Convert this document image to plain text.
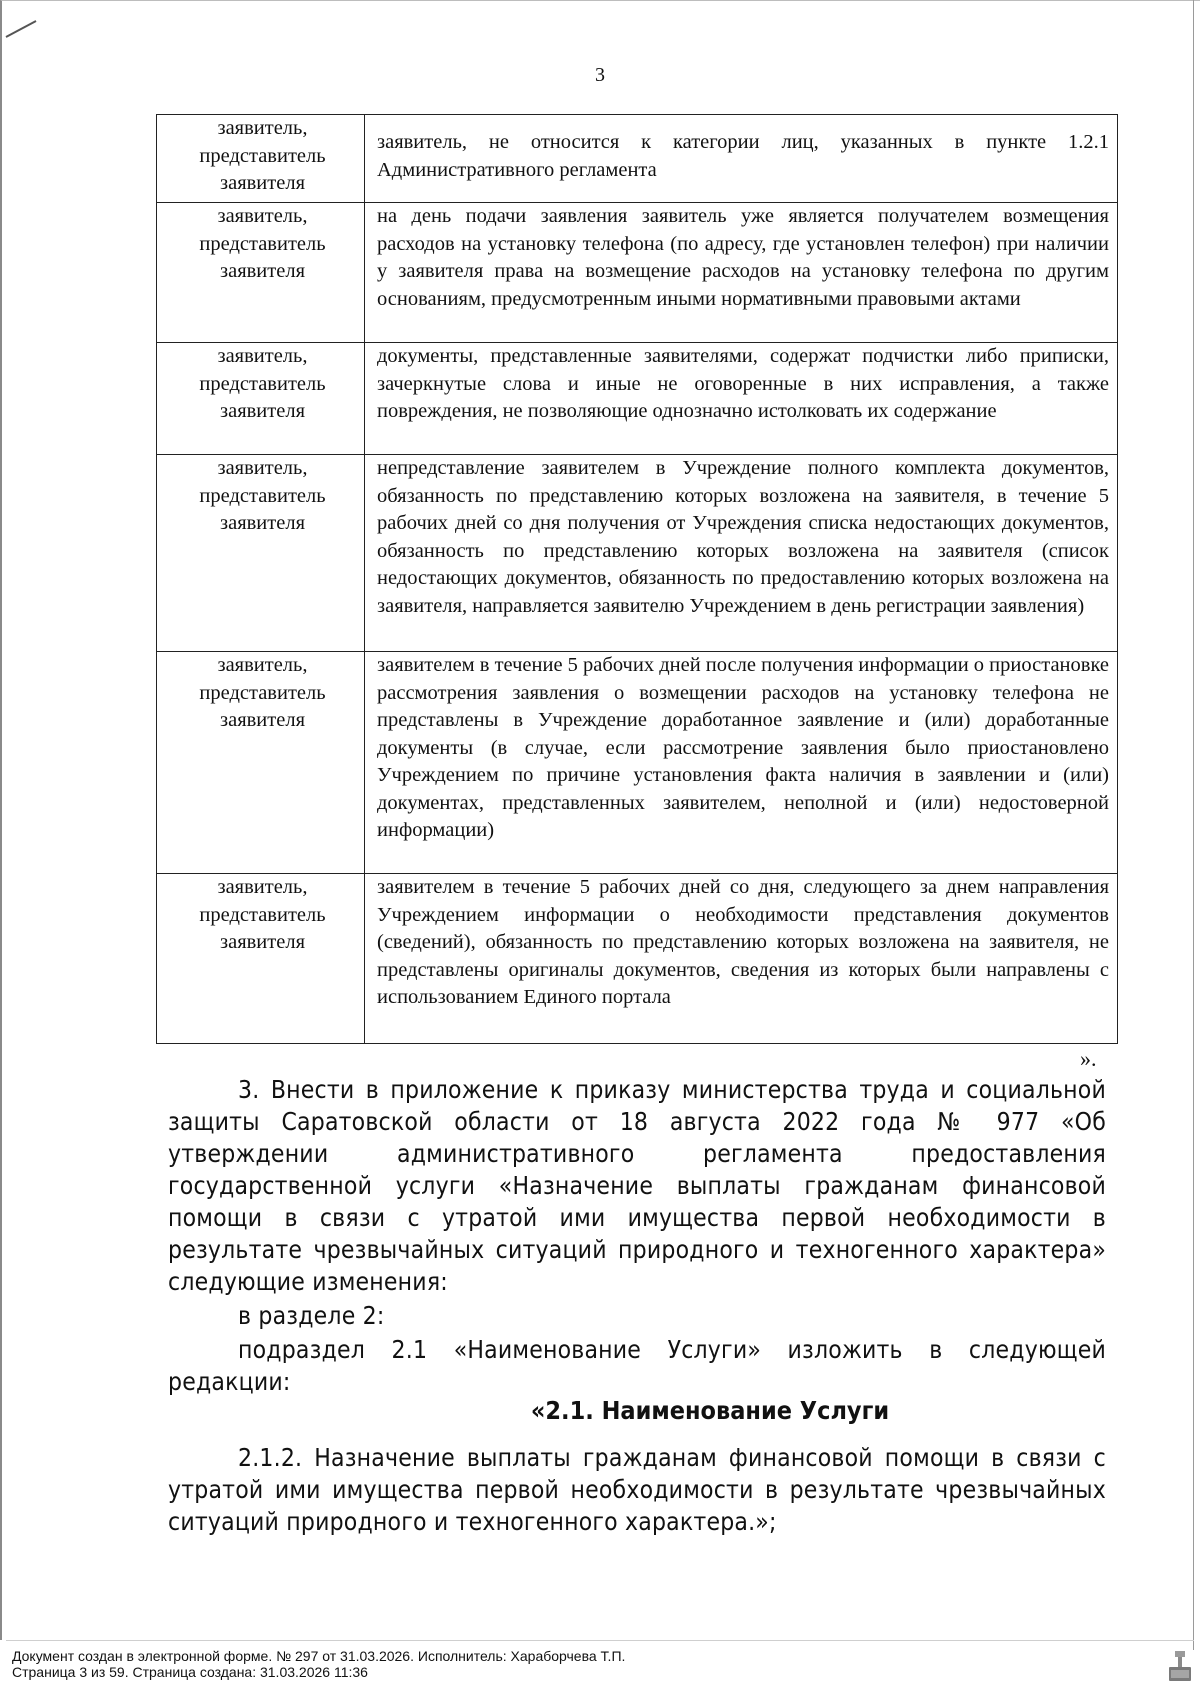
3
заявитель, представитель заявителя	заявитель, не относится к категории лиц, указанных в пункте 1.2.1 Административного регламента
заявитель, представитель заявителя	на день подачи заявления заявитель уже является получателем возмещения расходов на установку телефона (по адресу, где установлен телефон) при наличии у заявителя права на возмещение расходов на установку телефона по другим основаниям, предусмотренным иными нормативными правовыми актами
заявитель, представитель заявителя	документы, представленные заявителями, содержат подчистки либо приписки, зачеркнутые слова и иные не оговоренные в них исправления, а также повреждения, не позволяющие однозначно истолковать их содержание
заявитель, представитель заявителя	непредставление заявителем в Учреждение полного комплекта документов, обязанность по представлению которых возложена на заявителя, в течение 5 рабочих дней со дня получения от Учреждения списка недостающих документов, обязанность по представлению которых возложена на заявителя (список недостающих документов, обязанность по предоставлению которых возложена на заявителя, направляется заявителю Учреждением в день регистрации заявления)
заявитель, представитель заявителя	заявителем в течение 5 рабочих дней после получения информации о приостановке рассмотрения заявления о возмещении расходов на установку телефона не представлены в Учреждение доработанное заявление и (или) доработанные документы (в случае, если рассмотрение заявления было приостановлено Учреждением по причине установления факта наличия в заявлении и (или) документах, представленных заявителем, неполной и (или) недостоверной информации)
заявитель, представитель заявителя	заявителем в течение 5 рабочих дней со дня, следующего за днем направления Учреждением информации о необходимости представления документов (сведений), обязанность по представлению которых возложена на заявителя, не представлены оригиналы документов, сведения из которых были направлены с использованием Единого портала
».
3. Внести в приложение к приказу министерства труда и социальной защиты Саратовской области от 18 августа 2022 года № 977 «Об утверждении административного регламента предоставления государственной услуги «Назначение выплаты гражданам финансовой помощи в связи с утратой ими имущества первой необходимости в результате чрезвычайных ситуаций природного и техногенного характера» следующие изменения:
в разделе 2:
подраздел 2.1 «Наименование Услуги» изложить в следующей редакции:
«2.1. Наименование Услуги
2.1.2. Назначение выплаты гражданам финансовой помощи в связи с утратой ими имущества первой необходимости в результате чрезвычайных ситуаций природного и техногенного характера.»;
Документ создан в электронной форме. № 297 от 31.03.2026. Исполнитель: Хараборчева Т.П.
Страница 3 из 59. Страница создана: 31.03.2026 11:36
